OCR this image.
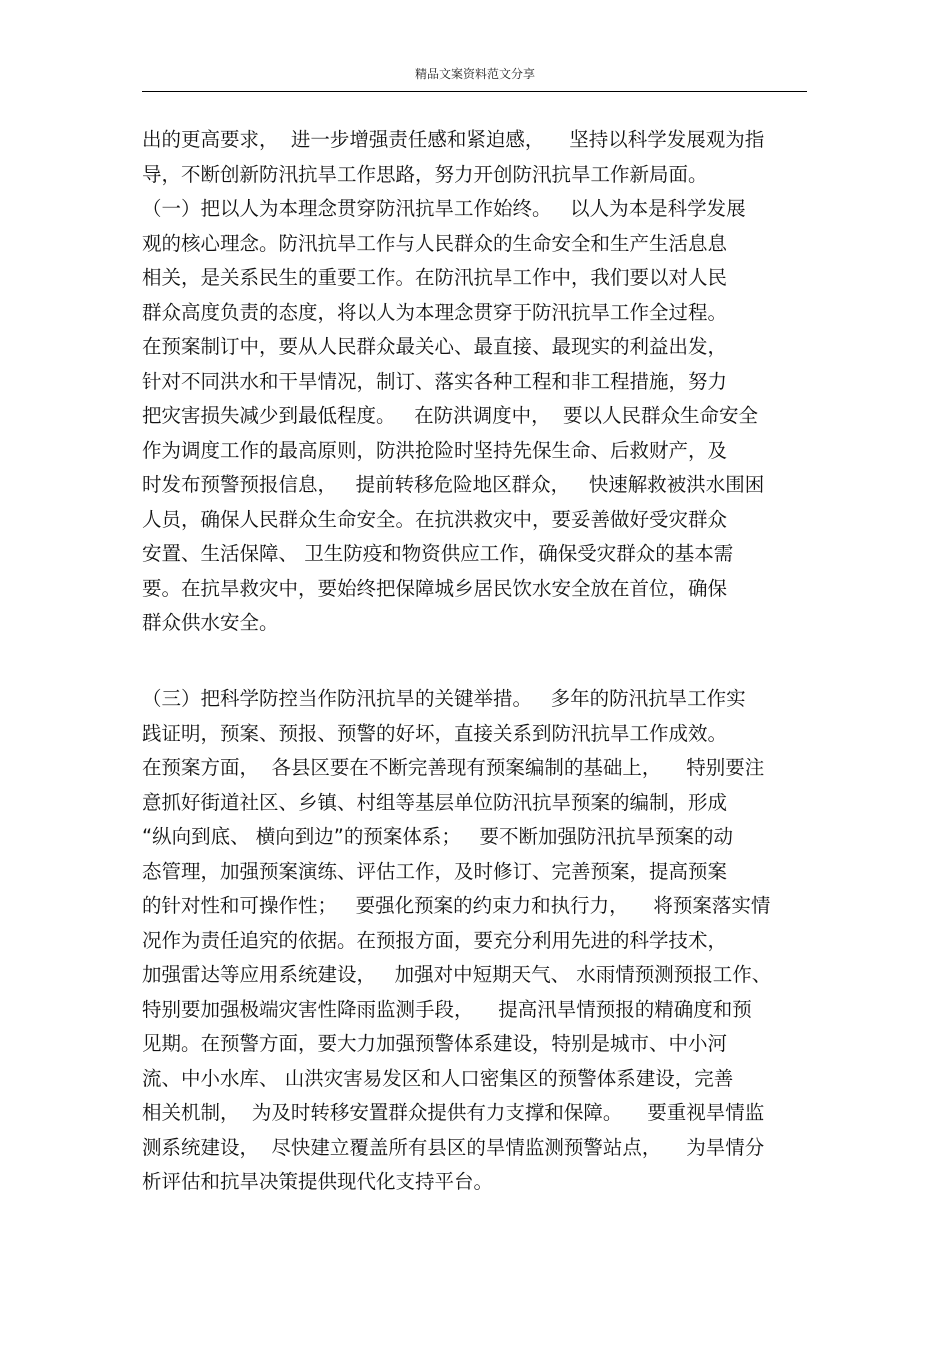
精品文案资料范文分享
出的更高要求，  进一步增强责任感和紧迫感，    坚持以科学发展观为指
导，不断创新防汛抗旱工作思路，努力开创防汛抗旱工作新局面。
（一）把以人为本理念贯穿防汛抗旱工作始终。   以人为本是科学发展
观的核心理念。防汛抗旱工作与人民群众的生命安全和生产生活息息
相关，是关系民生的重要工作。在防汛抗旱工作中，我们要以对人民
群众高度负责的态度，将以人为本理念贯穿于防汛抗旱工作全过程。
在预案制订中，要从人民群众最关心、最直接、最现实的利益出发，
针对不同洪水和干旱情况，制订、落实各种工程和非工程措施，努力
把灾害损失减少到最低程度。   在防洪调度中，  要以人民群众生命安全
作为调度工作的最高原则，防洪抢险时坚持先保生命、后救财产，及
时发布预警预报信息，   提前转移危险地区群众，   快速解救被洪水围困
人员，确保人民群众生命安全。在抗洪救灾中，要妥善做好受灾群众
安置、生活保障、 卫生防疫和物资供应工作，确保受灾群众的基本需
要。在抗旱救灾中，要始终把保障城乡居民饮水安全放在首位，确保
群众供水安全。
（三）把科学防控当作防汛抗旱的关键举措。   多年的防汛抗旱工作实
践证明，预案、预报、预警的好坏，直接关系到防汛抗旱工作成效。
在预案方面，  各县区要在不断完善现有预案编制的基础上，    特别要注
意抓好街道社区、乡镇、村组等基层单位防汛抗旱预案的编制，形成
“纵向到底、 横向到边”的预案体系；   要不断加强防汛抗旱预案的动
态管理，加强预案演练、评估工作，及时修订、完善预案，提高预案
的针对性和可操作性；   要强化预案的约束力和执行力，    将预案落实情
况作为责任追究的依据。在预报方面，要充分利用先进的科学技术，
加强雷达等应用系统建设，   加强对中短期天气、 水雨情预测预报工作、
特别要加强极端灾害性降雨监测手段，    提高汛旱情预报的精确度和预
见期。在预警方面，要大力加强预警体系建设，特别是城市、中小河
流、中小水库、 山洪灾害易发区和人口密集区的预警体系建设，完善
相关机制，  为及时转移安置群众提供有力支撑和保障。    要重视旱情监
测系统建设，  尽快建立覆盖所有县区的旱情监测预警站点，    为旱情分
析评估和抗旱决策提供现代化支持平台。
